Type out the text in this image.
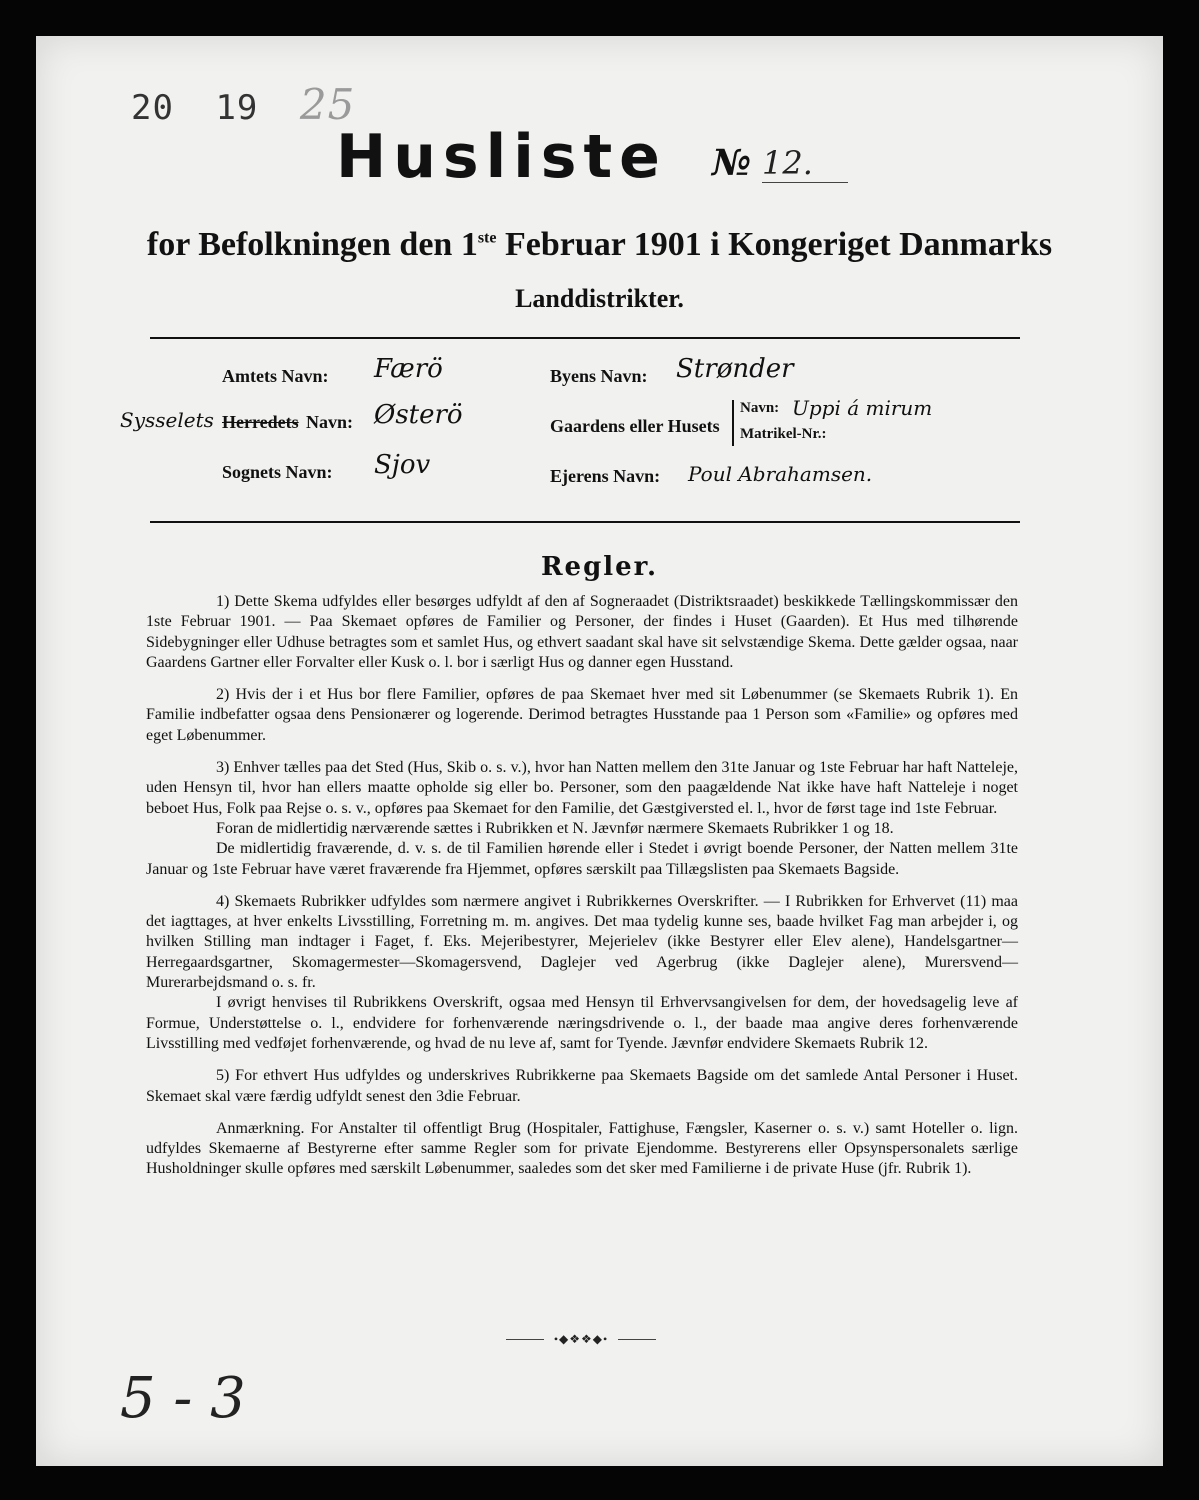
20 19 25
Husliste	№ 12.
for Befolkningen den 1ste Februar 1901 i Kongeriget Danmarks
Landdistrikter.
Amtets Navn: Færö
Sysselets Herredets Navn: Østerö
Sognets Navn: Sjov
Byens Navn: Strønder
Gaardens eller Husets
Navn: Uppi á mirum
Matrikel-Nr.:
Ejerens Navn: Poul Abrahamsen.
Regler.

1) Dette Skema udfyldes eller besørges udfyldt af den af Sogneraadet (Distriktsraadet) beskikkede Tællingskommissær den 1ste Februar 1901. — Paa Skemaet opføres de Familier og Personer, der findes i Huset (Gaarden). Et Hus med tilhørende Sidebygninger eller Udhuse betragtes som et samlet Hus, og ethvert saadant skal have sit selvstændige Skema. Dette gælder ogsaa, naar Gaardens Gartner eller Forvalter eller Kusk o. l. bor i særligt Hus og danner egen Husstand.

2) Hvis der i et Hus bor flere Familier, opføres de paa Skemaet hver med sit Løbenummer (se Skemaets Rubrik 1). En Familie indbefatter ogsaa dens Pensionærer og logerende. Derimod betragtes Husstande paa 1 Person som «Familie» og opføres med eget Løbenummer.

3) Enhver tælles paa det Sted (Hus, Skib o. s. v.), hvor han Natten mellem den 31te Januar og 1ste Februar har haft Natteleje, uden Hensyn til, hvor han ellers maatte opholde sig eller bo. Personer, som den paagældende Nat ikke have haft Natteleje i noget beboet Hus, Folk paa Rejse o. s. v., opføres paa Skemaet for den Familie, det Gæstgiversted el. l., hvor de først tage ind 1ste Februar.

Foran de midlertidig nærværende sættes i Rubrikken et N. Jævnfør nærmere Skemaets Rubrikker 1 og 18.

De midlertidig fraværende, d. v. s. de til Familien hørende eller i Stedet i øvrigt boende Personer, der Natten mellem 31te Januar og 1ste Februar have været fraværende fra Hjemmet, opføres særskilt paa Tillægslisten paa Skemaets Bagside.

4) Skemaets Rubrikker udfyldes som nærmere angivet i Rubrikkernes Overskrifter. — I Rubrikken for Erhvervet (11) maa det iagttages, at hver enkelts Livsstilling, Forretning m. m. angives. Det maa tydelig kunne ses, baade hvilket Fag man arbejder i, og hvilken Stilling man indtager i Faget, f. Eks. Mejeribestyrer, Mejerielev (ikke Bestyrer eller Elev alene), Handelsgartner—Herregaardsgartner, Skomagermester—Skomagersvend, Daglejer ved Agerbrug (ikke Daglejer alene), Murersvend—Murerarbejdsmand o. s. fr.

I øvrigt henvises til Rubrikkens Overskrift, ogsaa med Hensyn til Erhvervsangivelsen for dem, der hovedsagelig leve af Formue, Understøttelse o. l., endvidere for forhenværende næringsdrivende o. l., der baade maa angive deres forhenværende Livsstilling med vedføjet forhenværende, og hvad de nu leve af, samt for Tyende. Jævnfør endvidere Skemaets Rubrik 12.

5) For ethvert Hus udfyldes og underskrives Rubrikkerne paa Skemaets Bagside om det samlede Antal Personer i Huset. Skemaet skal være færdig udfyldt senest den 3die Februar.

Anmærkning. For Anstalter til offentligt Brug (Hospitaler, Fattighuse, Fængsler, Kaserner o. s. v.) samt Hoteller o. lign. udfyldes Skemaerne af Bestyrerne efter samme Regler som for private Ejendomme. Bestyrerens eller Opsynspersonalets særlige Husholdninger skulle opføres med særskilt Løbenummer, saaledes som det sker med Familierne i de private Huse (jfr. Rubrik 1).

•◆❖❖◆•
5 - 3
